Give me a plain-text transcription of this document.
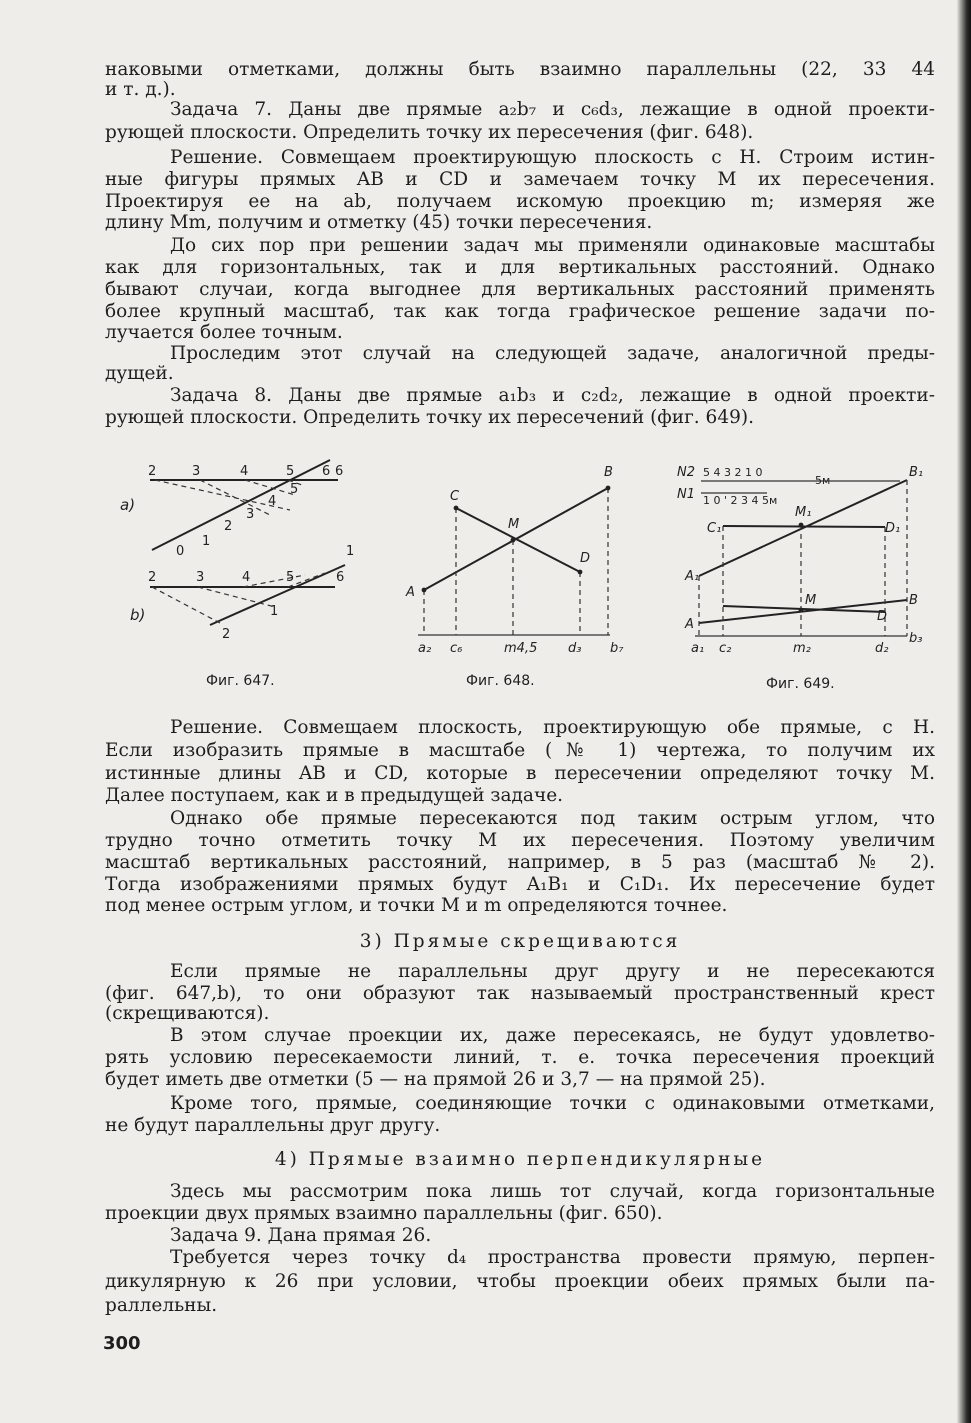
наковыми отметками, должны быть взаимно параллельны (22, 33 44
и т. д.).
Задача 7. Даны две прямые a₂b₇ и c₆d₃, лежащие в одной проекти-
рующей плоскости. Определить точку их пересечения (фиг. 648).
Решение. Совмещаем проектирующую плоскость с H. Строим истин-
ные фигуры прямых AB и CD и замечаем точку M их пересечения.
Проектируя ее на ab, получаем искомую проекцию m; измеряя же
длину Mm, получим и отметку (45) точки пересечения.
До сих пор при решении задач мы применяли одинаковые масштабы
как для горизонтальных, так и для вертикальных расстояний. Однако
бывают случаи, когда выгоднее для вертикальных расстояний применять
более крупный масштаб, так как тогда графическое решение задачи по-
лучается более точным.
Проследим этот случай на следующей задаче, аналогичной преды-
дущей.
Задача 8. Даны две прямые a₁b₃ и c₂d₂, лежащие в одной проекти-
рующей плоскости. Определить точку их пересечений (фиг. 649).
a)
2	3	4	5 6 6
0
1
2
3
4
5
b)
2	3	4	5	6
1
2
1
Фиг. 647.
A
B
C
D
M
a₂ c₆	m4,5 d₃ b₇
Фиг. 648.
N2 5 4 3 2 1 0
5м
N1 1 0 ' 2 3 4 5м
B₁
M₁
C₁	D₁
A₁
M	B
A
D
a₁ c₂	m₂	d₂
b₃
Фиг. 649.
Решение. Совмещаем плоскость, проектирующую обе прямые, с H.
Если изобразить прямые в масштабе (№ 1) чертежа, то получим их
истинные длины AB и CD, которые в пересечении определяют точку M.
Далее поступаем, как и в предыдущей задаче.
Однако обе прямые пересекаются под таким острым углом, что
трудно точно отметить точку M их пересечения. Поэтому увеличим
масштаб вертикальных расстояний, например, в 5 раз (масштаб № 2).
Тогда изображениями прямых будут A₁B₁ и C₁D₁. Их пересечение будет
под менее острым углом, и точки M и m определяются точнее.
3) Прямые скрещиваются
Если прямые не параллельны друг другу и не пересекаются
(фиг. 647,b), то они образуют так называемый пространственный крест
(скрещиваются).
В этом случае проекции их, даже пересекаясь, не будут удовлетво-
рять условию пересекаемости линий, т. е. точка пересечения проекций
будет иметь две отметки (5 — на прямой 26 и 3,7 — на прямой 25).
Кроме того, прямые, соединяющие точки с одинаковыми отметками,
не будут параллельны друг другу.
4) Прямые взаимно перпендикулярные
Здесь мы рассмотрим пока лишь тот случай, когда горизонтальные
проекции двух прямых взаимно параллельны (фиг. 650).
Задача 9. Дана прямая 26.
Требуется через точку d₄ пространства провести прямую, перпен-
дикулярную к 26 при условии, чтобы проекции обеих прямых были па-
раллельны.
300
